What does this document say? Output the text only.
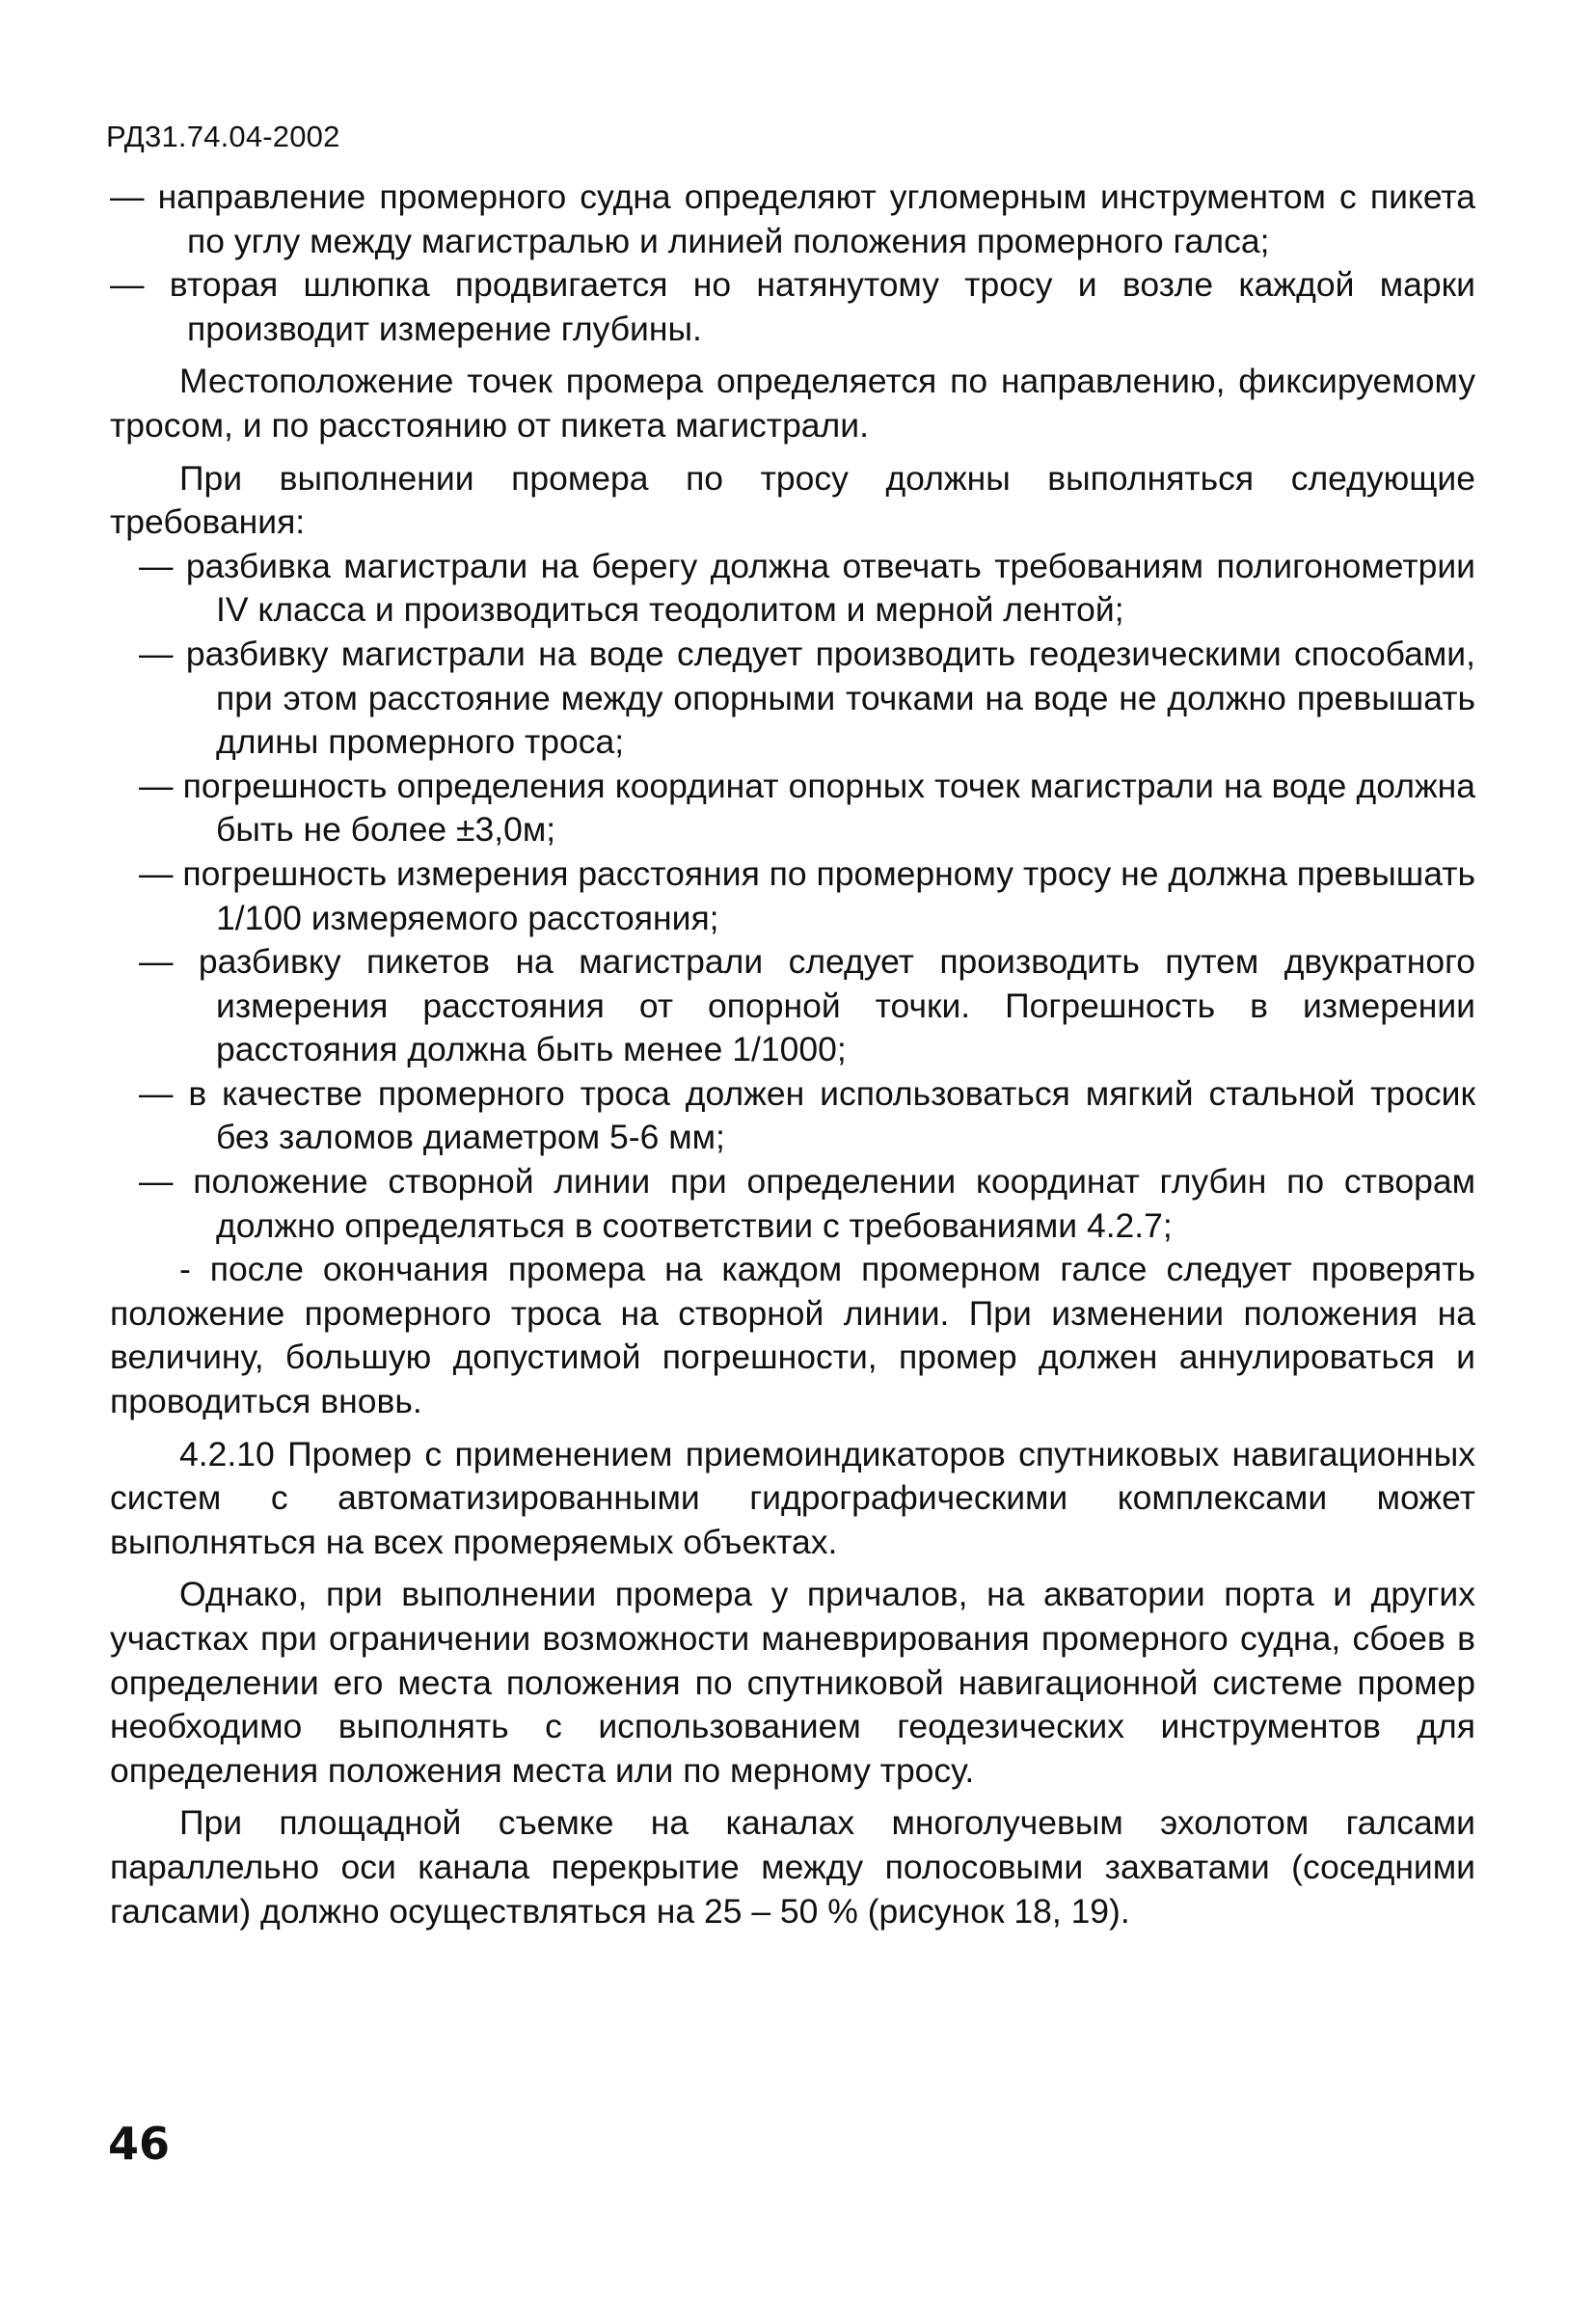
РД31.74.04-2002

— направление промерного судна определяют угломерным инструментом с пикета по углу между магистралью и линией положения промерного галса;

— вторая шлюпка продвигается но натянутому тросу и возле каждой марки производит измерение глубины.

Местоположение точек промера определяется по направлению, фиксируемому тросом, и по расстоянию от пикета магистрали.

При выполнении промера по тросу должны выполняться следующие требования:

— разбивка магистрали на берегу должна отвечать требованиям полигонометрии IV класса и производиться теодолитом и мерной лентой;

— разбивку магистрали на воде следует производить геодезическими способами, при этом расстояние между опорными точками на воде не должно превышать длины промерного троса;

— погрешность определения координат опорных точек магистрали на воде должна быть не более ±3,0м;

— погрешность измерения расстояния по промерному тросу не должна превышать 1/100 измеряемого расстояния;

— разбивку пикетов на магистрали следует производить путем двукратного измерения расстояния от опорной точки. Погрешность в измерении расстояния должна быть менее 1/1000;

— в качестве промерного троса должен использоваться мягкий стальной тросик без заломов диаметром 5-6 мм;

— положение створной линии при определении координат глубин по створам должно определяться в соответствии с требованиями 4.2.7;

- после окончания промера на каждом промерном галсе следует проверять положение промерного троса на створной линии. При изменении положения на величину, большую допустимой погрешности, промер должен аннулироваться и проводиться вновь.

4.2.10 Промер с применением приемоиндикаторов спутниковых навигационных систем с автоматизированными гидрографическими комплексами может выполняться на всех промеряемых объектах.

Однако, при выполнении промера у причалов, на акватории порта и других участках при ограничении возможности маневрирования промерного судна, сбоев в определении его места положения по спутниковой навигационной системе промер необходимо выполнять с использованием геодезических инструментов для определения положения места или по мерному тросу.

При площадной съемке на каналах многолучевым эхолотом галсами параллельно оси канала перекрытие между полосовыми захватами (соседними галсами) должно осуществляться на 25 – 50 % (рисунок 18, 19).

46
